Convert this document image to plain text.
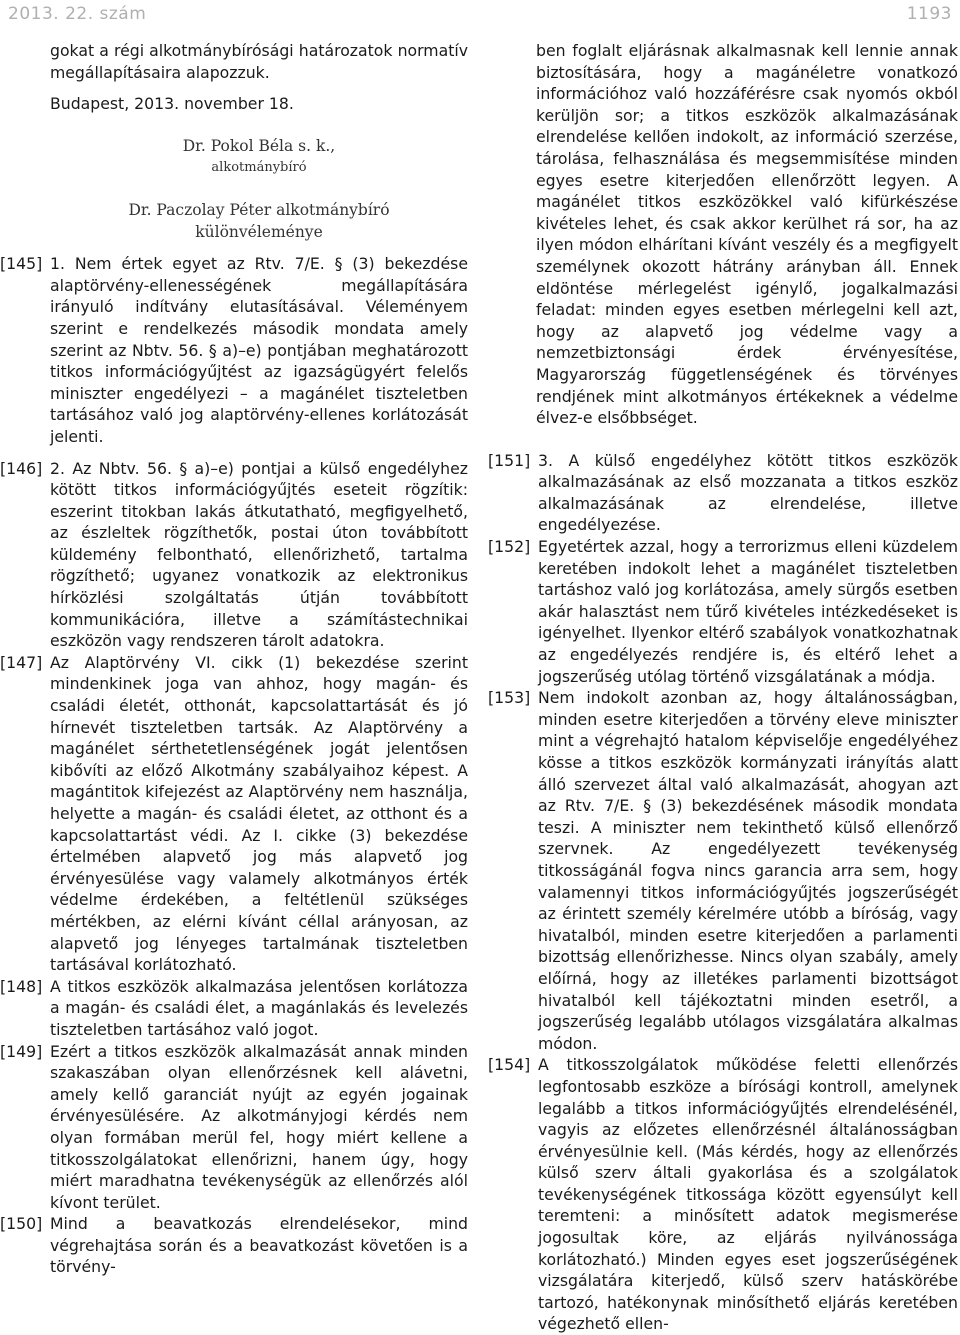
2013. 22. szám	1193

gokat a régi alkotmánybírósági határozatok normatív megállapításaira alapozzuk.

Budapest, 2013. november 18.

Dr. Pokol Béla s. k.,

alkotmánybíró

Dr. Paczolay Péter alkotmánybíró

különvéleménye

[145] 1. Nem értek egyet az Rtv. 7/E. § (3) bekezdése alaptörvény-ellenességének megállapítására irányuló indítvány elutasításával. Véleményem szerint e rendelkezés második mondata amely szerint az Nbtv. 56. § a)–e) pontjában meghatározott titkos információgyűjtést az igazságügyért felelős miniszter engedélyezi – a magánélet tiszteletben tartásához való jog alaptörvény-ellenes korlátozását jelenti.
[146] 2. Az Nbtv. 56. § a)–e) pontjai a külső engedélyhez kötött titkos információgyűjtés eseteit rögzítik: eszerint titokban lakás átkutatható, megfigyelhető, az észleltek rögzíthetők, postai úton továbbított küldemény felbontható, ellenőrizhető, tartalma rögzíthető; ugyanez vonatkozik az elektronikus hírközlési szolgáltatás útján továbbított kommunikációra, illetve a számítástechnikai eszközön vagy rendszeren tárolt adatokra.
[147] Az Alaptörvény VI. cikk (1) bekezdése szerint mindenkinek joga van ahhoz, hogy magán- és családi életét, otthonát, kapcsolattartását és jó hírnevét tiszteletben tartsák. Az Alaptörvény a magánélet sérthetetlenségének jogát jelentősen kibővíti az előző Alkotmány szabályaihoz képest. A magántitok kifejezést az Alaptörvény nem használja, helyette a magán- és családi életet, az otthont és a kapcsolattartást védi. Az I. cikke (3) bekezdése értelmében alapvető jog más alapvető jog érvényesülése vagy valamely alkotmányos érték védelme érdekében, a feltétlenül szükséges mértékben, az elérni kívánt céllal arányosan, az alapvető jog lényeges tartalmának tiszteletben tartásával korlátozható.
[148] A titkos eszközök alkalmazása jelentősen korlátozza a magán- és családi élet, a magánlakás és levelezés tiszteletben tartásához való jogot.
[149] Ezért a titkos eszközök alkalmazását annak minden szakaszában olyan ellenőrzésnek kell alávetni, amely kellő garanciát nyújt az egyén jogainak érvényesülésére. Az alkotmányjogi kérdés nem olyan formában merül fel, hogy miért kellene a titkosszolgálatokat ellenőrizni, hanem úgy, hogy miért maradhatna tevékenységük az ellenőrzés alól kívont terület.
[150] Mind a beavatkozás elrendelésekor, mind végrehajtása során és a beavatkozást követően is a törvény-

ben foglalt eljárásnak alkalmasnak kell lennie annak biztosítására, hogy a magánéletre vonatkozó információhoz való hozzáférésre csak nyomós okból kerüljön sor; a titkos eszközök alkalmazásának elrendelése kellően indokolt, az információ szerzése, tárolása, felhasználása és megsemmisítése minden egyes esetre kiterjedően ellenőrzött legyen. A magánélet titkos eszközökkel való kifürkészése kivételes lehet, és csak akkor kerülhet rá sor, ha az ilyen módon elhárítani kívánt veszély és a megfigyelt személynek okozott hátrány arányban áll. Ennek eldöntése mérlegelést igénylő, jogalkalmazási feladat: minden egyes esetben mérlegelni kell azt, hogy az alapvető jog védelme vagy a nemzetbiztonsági érdek érvényesítése, Magyarország függetlenségének és törvényes rendjének mint alkotmányos értékeknek a védelme élvez-e elsőbbséget.

[151] 3. A külső engedélyhez kötött titkos eszközök alkalmazásának az első mozzanata a titkos eszköz alkalmazásának az elrendelése, illetve engedélyezése.
[152] Egyetértek azzal, hogy a terrorizmus elleni küzdelem keretében indokolt lehet a magánélet tiszteletben tartáshoz való jog korlátozása, amely sürgős esetben akár halasztást nem tűrő kivételes intézkedéseket is igényelhet. Ilyenkor eltérő szabályok vonatkozhatnak az engedélyezés rendjére is, és eltérő lehet a jogszerűség utólag történő vizsgálatának a módja.
[153] Nem indokolt azonban az, hogy általánosságban, minden esetre kiterjedően a törvény eleve miniszter mint a végrehajtó hatalom képviselője engedélyéhez kösse a titkos eszközök kormányzati irányítás alatt álló szervezet által való alkalmazását, ahogyan azt az Rtv. 7/E. § (3) bekezdésének második mondata teszi. A miniszter nem tekinthető külső ellenőrző szervnek. Az engedélyezett tevékenység titkosságánál fogva nincs garancia arra sem, hogy valamennyi titkos információgyűjtés jogszerűségét az érintett személy kérelmére utóbb a bíróság, vagy hivatalból, minden esetre kiterjedően a parlamenti bizottság ellenőrizhesse. Nincs olyan szabály, amely előírná, hogy az illetékes parlamenti bizottságot hivatalból kell tájékoztatni minden esetről, a jogszerűség legalább utólagos vizsgálatára alkalmas módon.
[154] A titkosszolgálatok működése feletti ellenőrzés legfontosabb eszköze a bírósági kontroll, amelynek legalább a titkos információgyűjtés elrendelésénél, vagyis az előzetes ellenőrzésnél általánosságban érvényesülnie kell. (Más kérdés, hogy az ellenőrzés külső szerv általi gyakorlása és a szolgálatok tevékenységének titkossága között egyensúlyt kell teremteni: a minősített adatok megismerése jogosultak köre, az eljárás nyilvánossága korlátozható.) Minden egyes eset jogszerűségének vizsgálatára kiterjedő, külső szerv hatáskörébe tartozó, hatékonynak minősíthető eljárás keretében végezhető ellen-
